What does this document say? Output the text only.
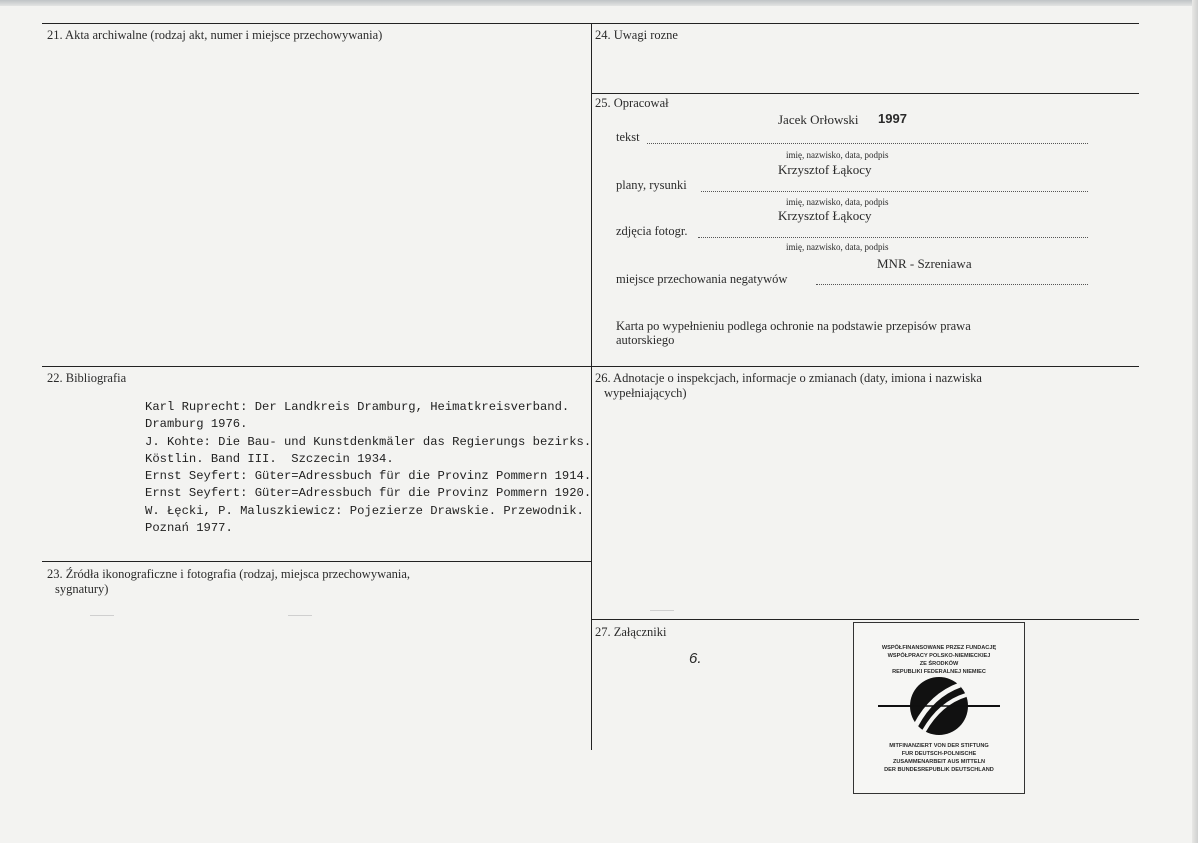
21. Akta archiwalne (rodzaj akt, numer i miejsce przechowywania)	24. Uwagi rozne
25. Opracował
Jacek Orłowski 1997
tekst
imię, nazwisko, data, podpis
Krzysztof Łąkocy
plany, rysunki
imię, nazwisko, data, podpis
Krzysztof Łąkocy
zdjęcia fotogr.
imię, nazwisko, data, podpis
MNR - Szreniawa
miejsce przechowania negatywów
Karta po wypełnieniu podlega ochronie na podstawie przepisów prawa
autorskiego
22. Bibliografia
Karl Ruprecht: Der Landkreis Dramburg, Heimatkreisverband.
Dramburg 1976.
J. Kohte: Die Bau- und Kunstdenkmäler das Regierungs bezirks.
Köstlin. Band III.  Szczecin 1934.
Ernst Seyfert: Güter=Adressbuch für die Provinz Pommern 1914.
Ernst Seyfert: Güter=Adressbuch für die Provinz Pommern 1920.
W. Łęcki, P. Maluszkiewicz: Pojezierze Drawskie. Przewodnik.
Poznań 1977.
26. Adnotacje o inspekcjach, informacje o zmianach (daty, imiona i nazwiska
wypełniających)
23. Źródła ikonograficzne i fotografia (rodzaj, miejsca przechowywania,
sygnatury)
27. Załączniki
6.
WSPÓŁFINANSOWANE PRZEZ FUNDACJĘ
WSPÓŁPRACY POLSKO-NIEMIECKIEJ
ZE ŚRODKÓW
REPUBLIKI FEDERALNEJ NIEMIEC
MITFINANZIERT VON DER STIFTUNG
FUR DEUTSCH-POLNISCHE
ZUSAMMENARBEIT AUS MITTELN
DER BUNDESREPUBLIK DEUTSCHLAND
